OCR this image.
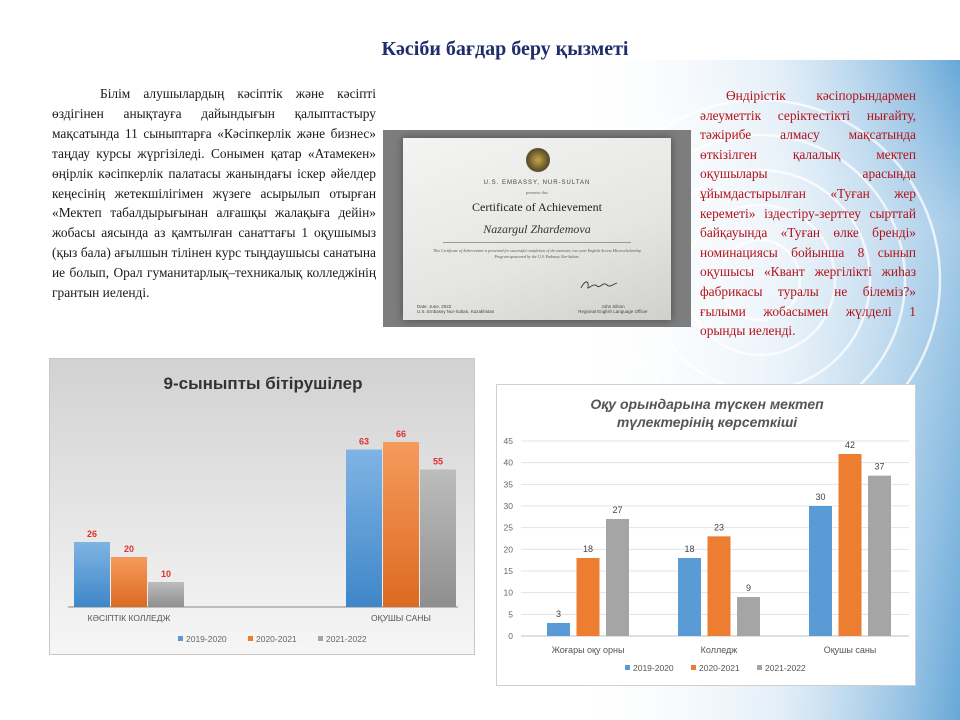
Кәсіби бағдар беру қызметі

Білім алушылардың кәсіптік және кәсіпті өздігінен анықтауға дайындығын қалыптастыру мақсатында 11 сыныптарға «Кәсіпкерлік және бизнес» таңдау курсы жүргізіледі. Сонымен қатар «Атамекен» өңірлік кәсіпкерлік палатасы жанындағы іскер әйелдер кеңесінің жетекшілігімен жүзеге асырылып отырған «Мектеп табалдырығынан алғашқы жалақыға дейін» жобасы аясында аз қамтылған санаттағы 1 оқушымыз (қыз бала) ағылшын тілінен курс тыңдаушысы санатына ие болып, Орал гуманитарлық–техникалық колледжінің грантын иеленді.

U.S. EMBASSY, NUR-SULTAN
presents this
Certificate of Achievement
Nazargul Zhardemova
This Certificate of Achievement is presented for successful completion of the intensive, two-year English Access Microscholarship Program sponsored by the U.S. Embassy Nur-Sultan.
Date: June, 2022
U.S. Embassy Nur-Sultan, Kazakhstan
John Silson
Regional English Language Officer

Өндірістік кәсіпорындармен әлеуметтік серіктестікті нығайту, тәжірибе алмасу мақсатында өткізілген қалалық мектеп оқушылары арасында ұйымдастырылған «Туған жер кереметі» іздестіру-зерттеу сырттай байқауында «Туған өлке брендi» номинациясы бойынша 8 сынып оқушысы «Квант жергілікті жиһаз фабрикасы туралы не білеміз?» ғылыми жобасымен жүлделі 1 орынды иеленді.

9-сыныпты бітірушілер
26
20
10
63
66
55
КӘСІПТІК КОЛЛЕДЖ	ОҚУШЫ САНЫ
2019-2020	2020-2021	2021-2022
Оқу орындарына түскен мектеп
түлектерінің көрсеткіші
0
5
10
15
20
25
30
35
40
45
3
18
27
18
23
9
30
42
37
Жоғары оқу орны	Колледж	Оқушы саны
2019-2020	2020-2021	2021-2022
